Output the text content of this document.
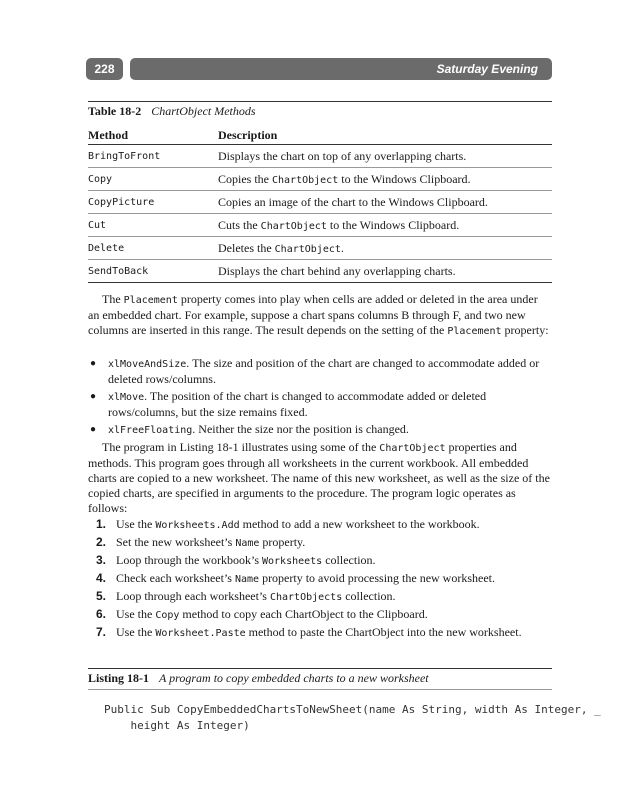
228	Saturday Evening
Table 18-2 ChartObject Methods
Method	Description
BringToFront	Displays the chart on top of any overlapping charts.
Copy	Copies the ChartObject to the Windows Clipboard.
CopyPicture	Copies an image of the chart to the Windows Clipboard.
Cut	Cuts the ChartObject to the Windows Clipboard.
Delete	Deletes the ChartObject.
SendToBack	Displays the chart behind any overlapping charts.
The Placement property comes into play when cells are added or deleted in the area under an embedded chart. For example, suppose a chart spans columns B through F, and two new columns are inserted in this range. The result depends on the setting of the Placement property:
● xlMoveAndSize. The size and position of the chart are changed to accommodate added or deleted rows/columns.
● xlMove. The position of the chart is changed to accommodate added or deleted rows/columns, but the size remains fixed.
● xlFreeFloating. Neither the size nor the position is changed.
The program in Listing 18-1 illustrates using some of the ChartObject properties and methods. This program goes through all worksheets in the current workbook. All embedded charts are copied to a new worksheet. The name of this new worksheet, as well as the size of the copied charts, are specified in arguments to the procedure. The program logic operates as follows:
1. Use the Worksheets.Add method to add a new worksheet to the workbook.
2. Set the new worksheet’s Name property.
3. Loop through the workbook’s Worksheets collection.
4. Check each worksheet’s Name property to avoid processing the new worksheet.
5. Loop through each worksheet’s ChartObjects collection.
6. Use the Copy method to copy each ChartObject to the Clipboard.
7. Use the Worksheet.Paste method to paste the ChartObject into the new worksheet.
Listing 18-1 A program to copy embedded charts to a new worksheet
Public Sub CopyEmbeddedChartsToNewSheet(name As String, width As Integer, _
height As Integer)
